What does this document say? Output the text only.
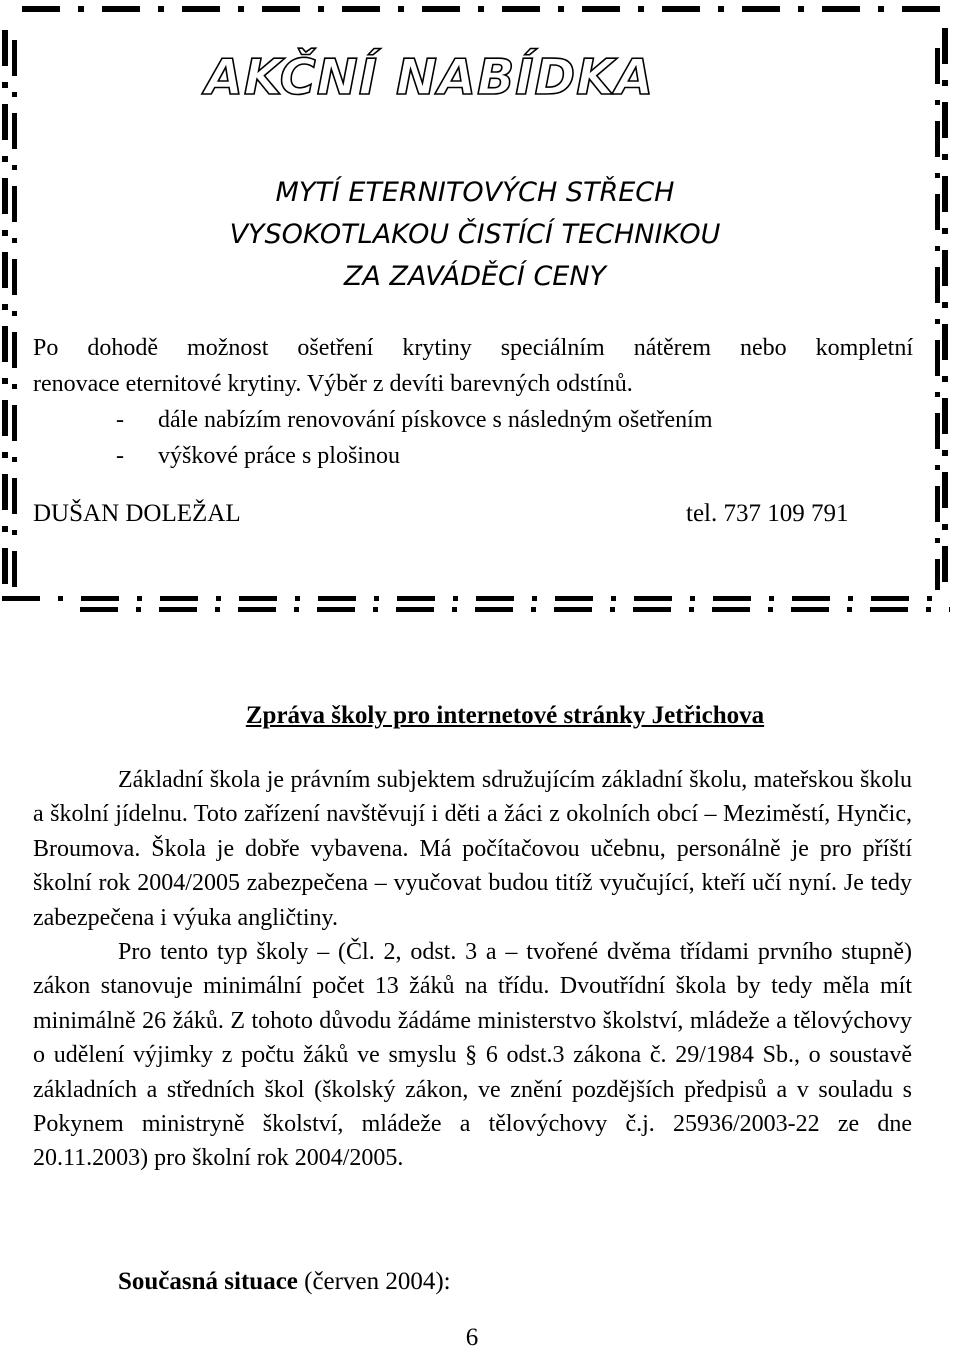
AKČNÍ NABÍDKA
MYTÍ ETERNITOVÝCH STŘECH
VYSOKOTLAKOU ČISTÍCÍ TECHNIKOU
ZA ZAVÁDĚCÍ CENY
Po dohodě možnost ošetření krytiny speciálním nátěrem nebo kompletní
renovace eternitové krytiny. Výběr z devíti barevných odstínů.
- dále nabízím renovování pískovce s následným ošetřením
- výškové práce s plošinou
DUŠAN DOLEŽAL	tel. 737 109 791
Zpráva školy pro internetové stránky Jetřichova

Základní škola je právním subjektem sdružujícím základní školu, mateřskou školu a školní jídelnu. Toto zařízení navštěvují i děti a žáci z okolních obcí – Meziměstí, Hynčic, Broumova. Škola je dobře vybavena. Má počítačovou učebnu, personálně je pro příští školní rok 2004/2005 zabezpečena – vyučovat budou titíž vyučující, kteří učí nyní. Je tedy zabezpečena i výuka angličtiny.

Pro tento typ školy – (Čl. 2, odst. 3 a – tvořené dvěma třídami prvního stupně) zákon stanovuje minimální počet 13 žáků na třídu. Dvoutřídní škola by tedy měla mít minimálně 26 žáků. Z tohoto důvodu žádáme ministerstvo školství, mládeže a tělovýchovy o udělení výjimky z počtu žáků ve smyslu § 6 odst.3 zákona č. 29/1984 Sb., o soustavě základních a středních škol (školský zákon, ve znění pozdějších předpisů a v souladu s Pokynem ministryně školství, mládeže a tělovýchovy č.j. 25936/2003-22 ze dne 20.11.2003) pro školní rok 2004/2005.

Současná situace (červen 2004):
6
